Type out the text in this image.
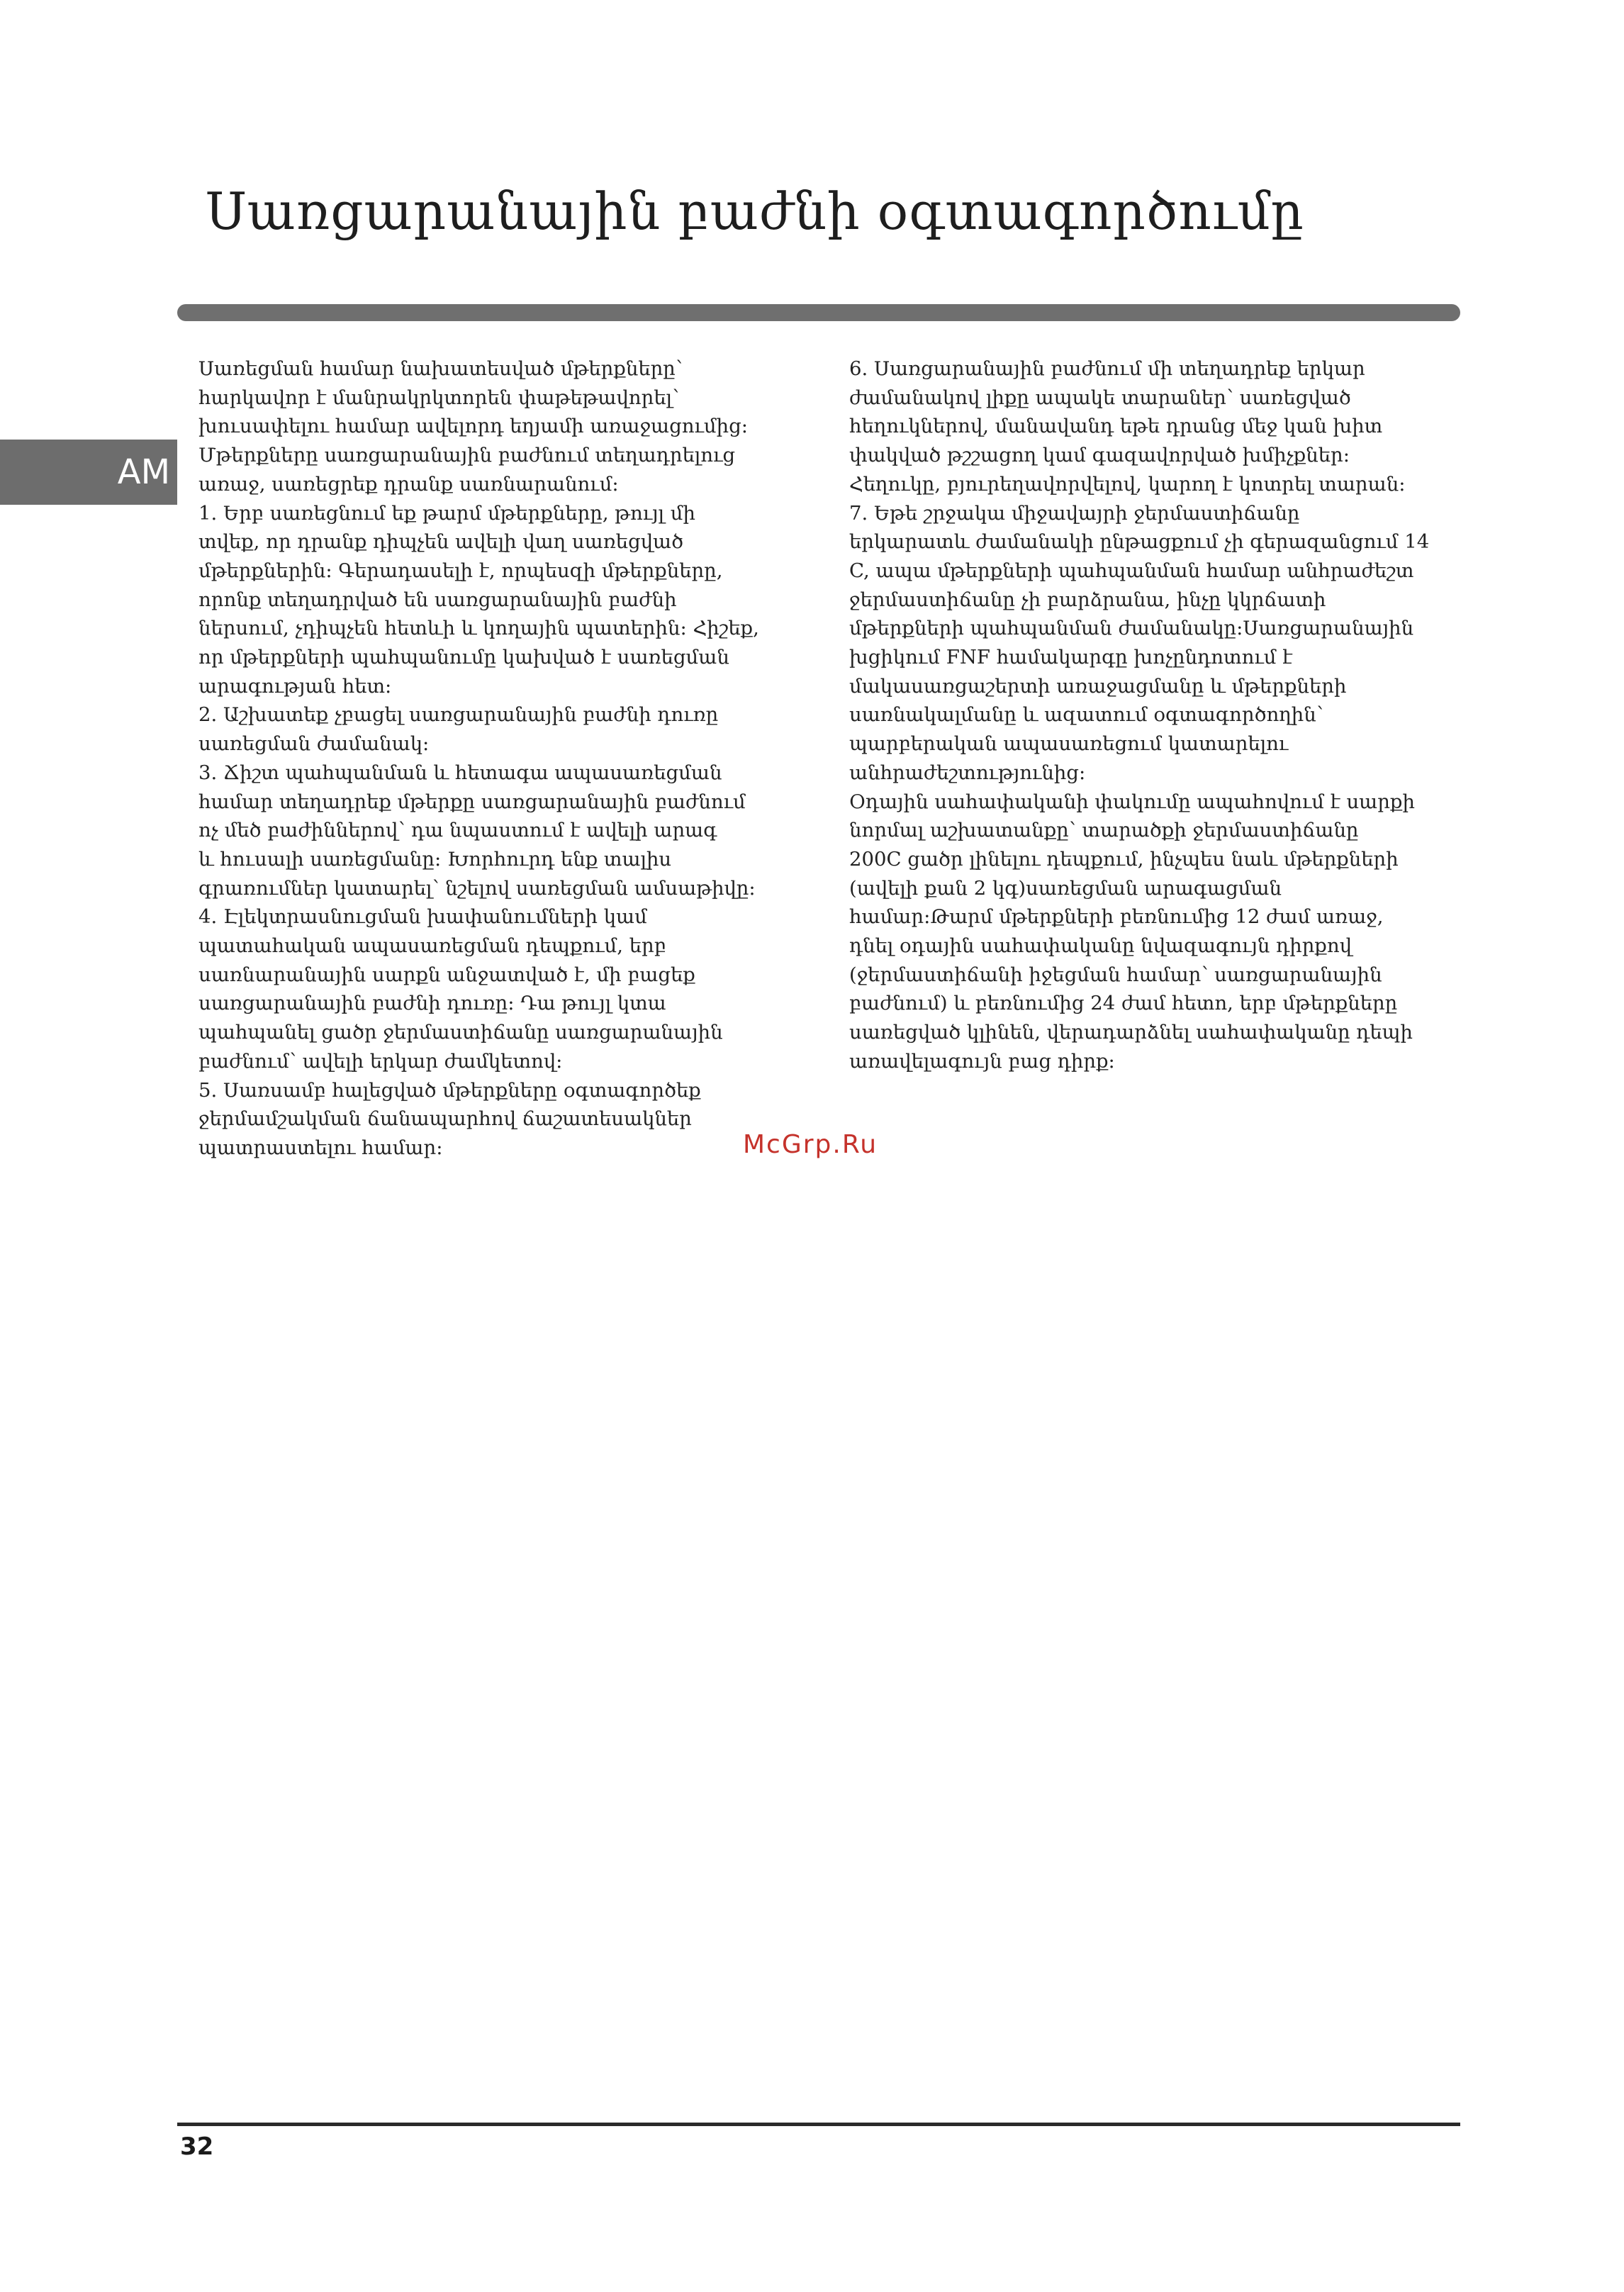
Սառցարանային բաժնի օգտագործումը
AM

Սառեցման համար նախատեսված մթերքները՝
հարկավոր է մանրակրկտորեն փաթեթավորել՝
խուսափելու համար ավելորդ եղյամի առաջացումից:
Մթերքները սառցարանային բաժնում տեղադրելուց
առաջ, սառեցրեք դրանք սառնարանում:
1. Երբ սառեցնում եք թարմ մթերքները, թույլ մի
տվեք, որ դրանք դիպչեն ավելի վաղ սառեցված
մթերքներին: Գերադասելի է, որպեսզի մթերքները,
որոնք տեղադրված են սառցարանային բաժնի
ներսում, չդիպչեն հետևի և կողային պատերին: Հիշեք,
որ մթերքների պահպանումը կախված է սառեցման
արագության հետ:
2. Աշխատեք չբացել սառցարանային բաժնի դուռը
սառեցման ժամանակ:
3. Ճիշտ պահպանման և հետագա ապասառեցման
համար տեղադրեք մթերքը սառցարանային բաժնում
ոչ մեծ բաժիններով՝ դա նպաստում է ավելի արագ
և հուսալի սառեցմանը: Խորհուրդ ենք տալիս
գրառումներ կատարել՝ նշելով սառեցման ամսաթիվը:
4. Էլեկտրասնուցման խափանումների կամ
պատահական ապասառեցման դեպքում, երբ
սառնարանային սարքն անջատված է, մի բացեք
սառցարանային բաժնի դուռը: Դա թույլ կտա
պահպանել ցածր ջերմաստիճանը սառցարանային
բաժնում՝ ավելի երկար ժամկետով:
5. Սառսամբ հալեցված մթերքները օգտագործեք
ջերմամշակման ճանապարհով ճաշատեսակներ
պատրաստելու համար:

6. Սառցարանային բաժնում մի տեղադրեք երկար
ժամանակով լիքը ապակե տարաներ՝ սառեցված
հեղուկներով, մանավանդ եթե դրանց մեջ կան խիտ
փակված թշշացող կամ գազավորված խմիչքներ:
Հեղուկը, բյուրեղավորվելով, կարող է կոտրել տարան:
7. Եթե շրջակա միջավայրի ջերմաստիճանը
երկարատև ժամանակի ընթացքում չի գերազանցում 14
C, ապա մթերքների պահպանման համար անհրաժեշտ
ջերմաստիճանը չի բարձրանա, ինչը կկրճատի
մթերքների պահպանման ժամանակը:Սառցարանային
խցիկում FNF համակարգը խոչընդոտում է
մակասառցաշերտի առաջացմանը և մթերքների
սառնակալմանը և ազատում օգտագործողին՝
պարբերական ապասառեցում կատարելու
անհրաժեշտությունից:
Օդային սահափականի փակումը ապահովում է սարքի
նորմալ աշխատանքը՝ տարածքի ջերմաստիճանը
200C ցածր լինելու դեպքում, ինչպես նաև մթերքների
(ավելի քան 2 կգ)սառեցման արագացման
համար:Թարմ մթերքների բեռնումից 12 ժամ առաջ,
դնել օդային սահափականը նվազագույն դիրքով
(ջերմաստիճանի իջեցման համար՝ սառցարանային
բաժնում) և բեռնումից 24 ժամ հետո, երբ մթերքները
սառեցված կլինեն, վերադարձնել սահափականը դեպի
առավելագույն բաց դիրք:

McGrp.Ru
32
